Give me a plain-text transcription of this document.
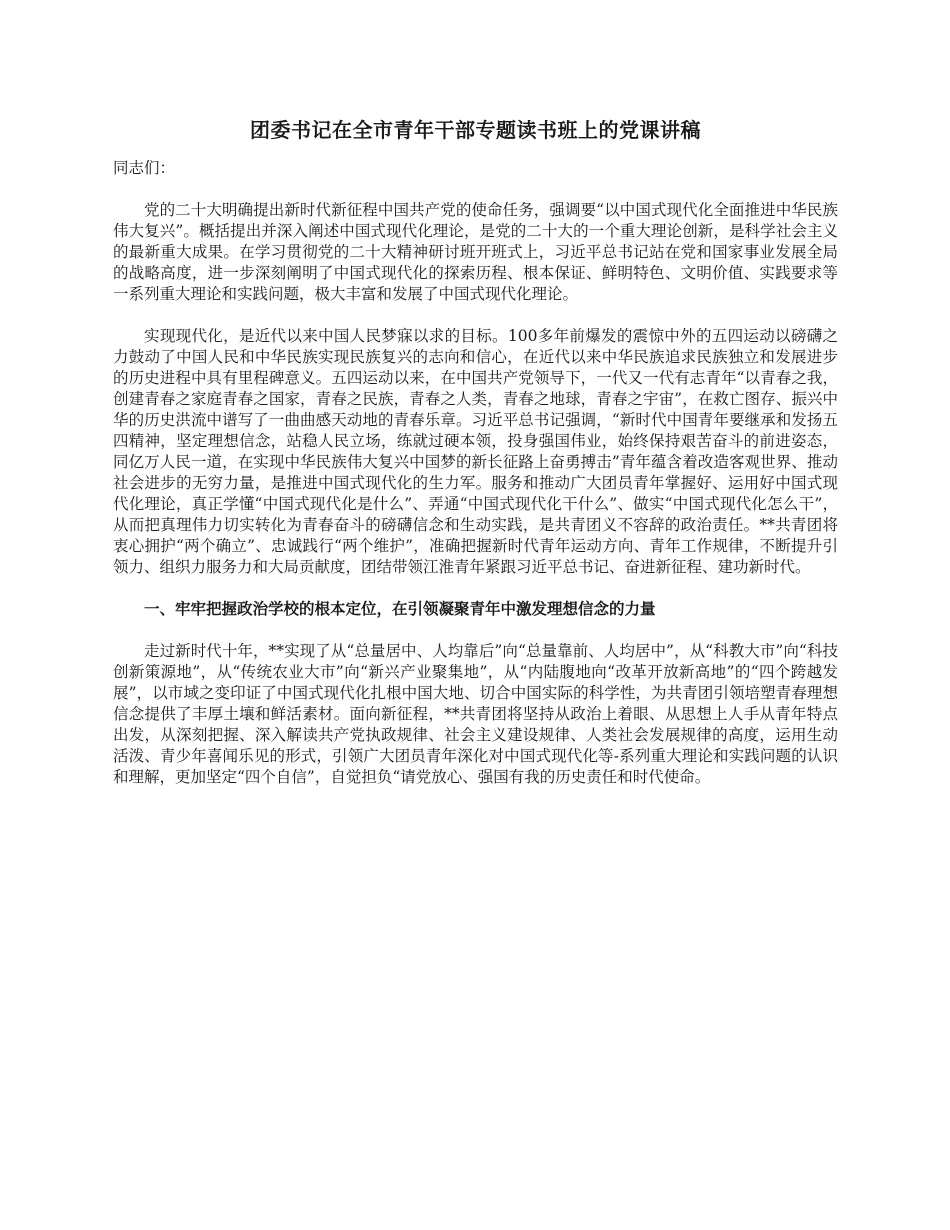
团委书记在全市青年干部专题读书班上的党课讲稿
同志们：

党的二十大明确提出新时代新征程中国共产党的使命任务，强调要“以中国式现代化全面推进中华民族伟大复兴”。概括提出并深入阐述中国式现代化理论，是党的二十大的一个重大理论创新，是科学社会主义的最新重大成果。在学习贯彻党的二十大精神研讨班开班式上，习近平总书记站在党和国家事业发展全局的战略高度，进一步深刻阐明了中国式现代化的探索历程、根本保证、鲜明特色、文明价值、实践要求等一系列重大理论和实践问题，极大丰富和发展了中国式现代化理论。

实现现代化，是近代以来中国人民梦寐以求的目标。100多年前爆发的震惊中外的五四运动以磅礴之力鼓动了中国人民和中华民族实现民族复兴的志向和信心，在近代以来中华民族追求民族独立和发展进步的历史进程中具有里程碑意义。五四运动以来，在中国共产党领导下，一代又一代有志青年“以青春之我，创建青春之家庭青春之国家，青春之民族，青春之人类，青春之地球，青春之宇宙”，在救亡图存、振兴中华的历史洪流中谱写了一曲曲感天动地的青春乐章。习近平总书记强调，“新时代中国青年要继承和发扬五四精神，坚定理想信念，站稳人民立场，练就过硬本领，投身强国伟业，始终保持艰苦奋斗的前进姿态，同亿万人民一道，在实现中华民族伟大复兴中国梦的新长征路上奋勇搏击”青年蕴含着改造客观世界、推动社会进步的无穷力量，是推进中国式现代化的生力军。服务和推动广大团员青年掌握好、运用好中国式现代化理论，真正学懂“中国式现代化是什么”、弄通“中国式现代化干什么”、做实“中国式现代化怎么干”，从而把真理伟力切实转化为青春奋斗的磅礴信念和生动实践，是共青团义不容辞的政治责任。**共青团将衷心拥护“两个确立”、忠诚践行“两个维护”，准确把握新时代青年运动方向、青年工作规律，不断提升引领力、组织力服务力和大局贡献度，团结带领江淮青年紧跟习近平总书记、奋进新征程、建功新时代。

一、牢牢把握政治学校的根本定位，在引领凝聚青年中激发理想信念的力量

走过新时代十年，**实现了从“总量居中、人均靠后”向“总量靠前、人均居中”，从“科教大市”向“科技创新策源地”，从“传统农业大市”向“新兴产业聚集地”，从“内陆腹地向“改革开放新高地”的“四个跨越发展”，以市域之变印证了中国式现代化扎根中国大地、切合中国实际的科学性，为共青团引领培塑青春理想信念提供了丰厚土壤和鲜活素材。面向新征程，**共青团将坚持从政治上着眼、从思想上人手从青年特点出发，从深刻把握、深入解读共产党执政规律、社会主义建设规律、人类社会发展规律的高度，运用生动活泼、青少年喜闻乐见的形式，引领广大团员青年深化对中国式现代化等-系列重大理论和实践问题的认识和理解，更加坚定“四个自信”，自觉担负“请党放心、强国有我的历史责任和时代使命。
